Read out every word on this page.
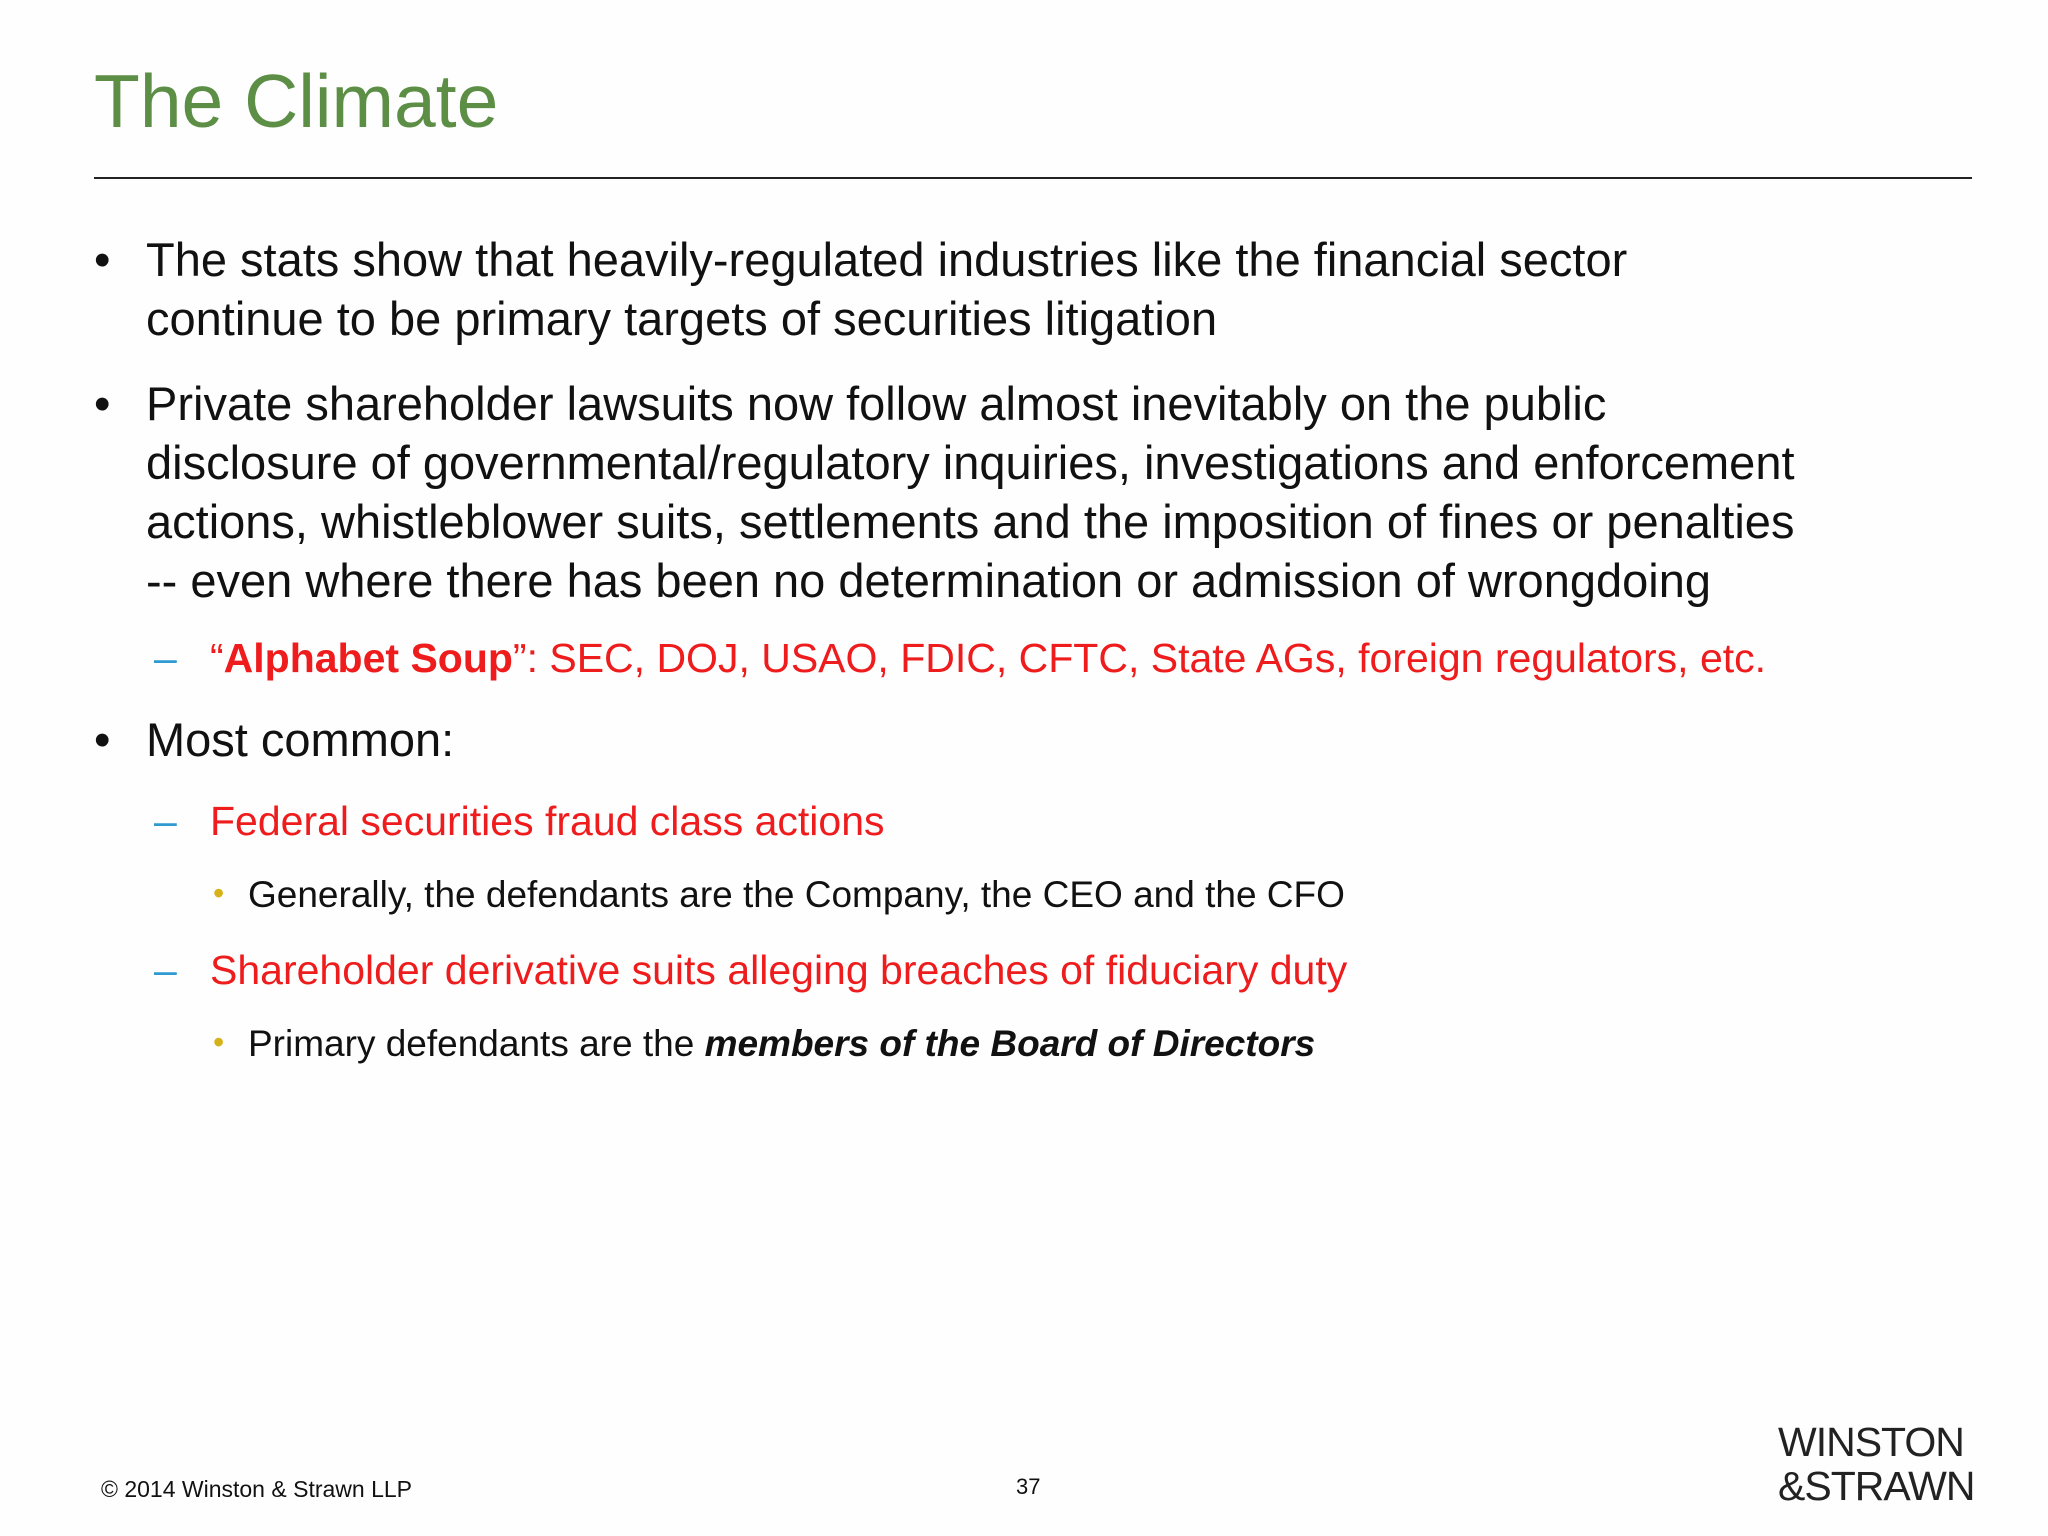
The Climate
• The stats show that heavily-regulated industries like the financial sector
continue to be primary targets of securities litigation
• Private shareholder lawsuits now follow almost inevitably on the public
disclosure of governmental/regulatory inquiries, investigations and enforcement
actions, whistleblower suits, settlements and the imposition of fines or penalties
-- even where there has been no determination or admission of wrongdoing
– “Alphabet Soup”: SEC, DOJ, USAO, FDIC, CFTC, State AGs, foreign regulators, etc.
• Most common:
– Federal securities fraud class actions
• Generally, the defendants are the Company, the CEO and the CFO
– Shareholder derivative suits alleging breaches of fiduciary duty
• Primary defendants are the members of the Board of Directors
© 2014 Winston & Strawn LLP	37
WINSTON
&STRAWN
